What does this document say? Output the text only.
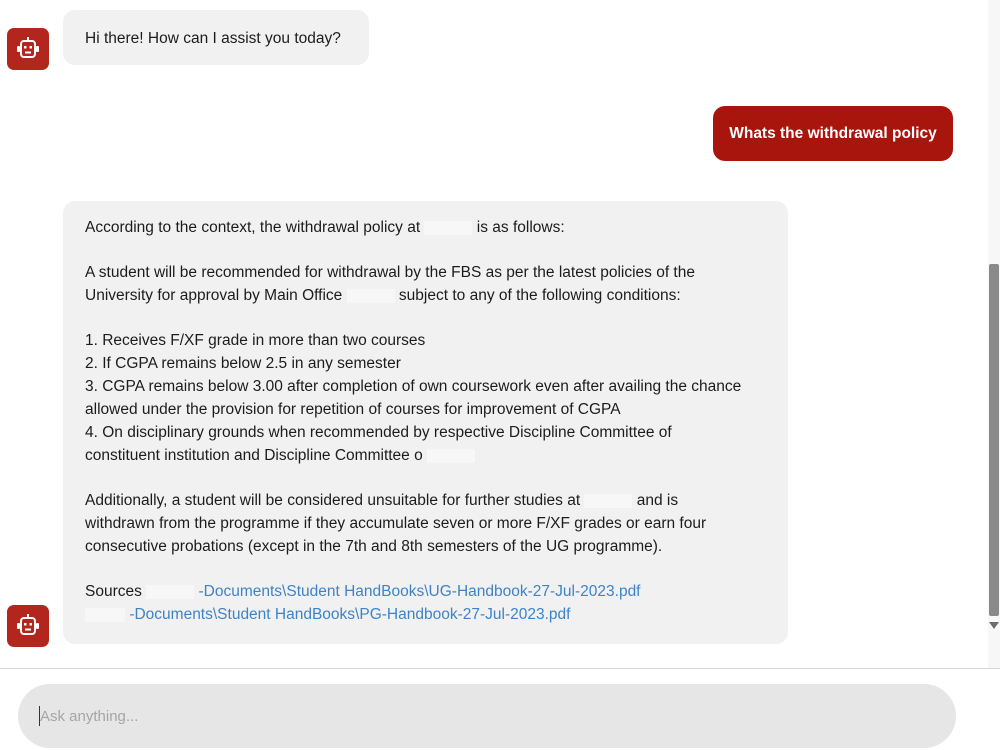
Hi there! How can I assist you today?
Whats the withdrawal policy
According to the context, the withdrawal policy at	is as follows:
A student will be recommended for withdrawal by the FBS as per the latest policies of the
University for approval by Main Office	subject to any of the following conditions:
1. Receives F/XF grade in more than two courses
2. If CGPA remains below 2.5 in any semester
3. CGPA remains below 3.00 after completion of own coursework even after availing the chance
allowed under the provision for repetition of courses for improvement of CGPA
4. On disciplinary grounds when recommended by respective Discipline Committee of
constituent institution and Discipline Committee o
Additionally, a student will be considered unsuitable for further studies at	and is
withdrawn from the programme if they accumulate seven or more F/XF grades or earn four
consecutive probations (except in the 7th and 8th semesters of the UG programme).
Sources	-Documents\Student HandBooks\UG-Handbook-27-Jul-2023.pdf
-Documents\Student HandBooks\PG-Handbook-27-Jul-2023.pdf
Ask anything...
